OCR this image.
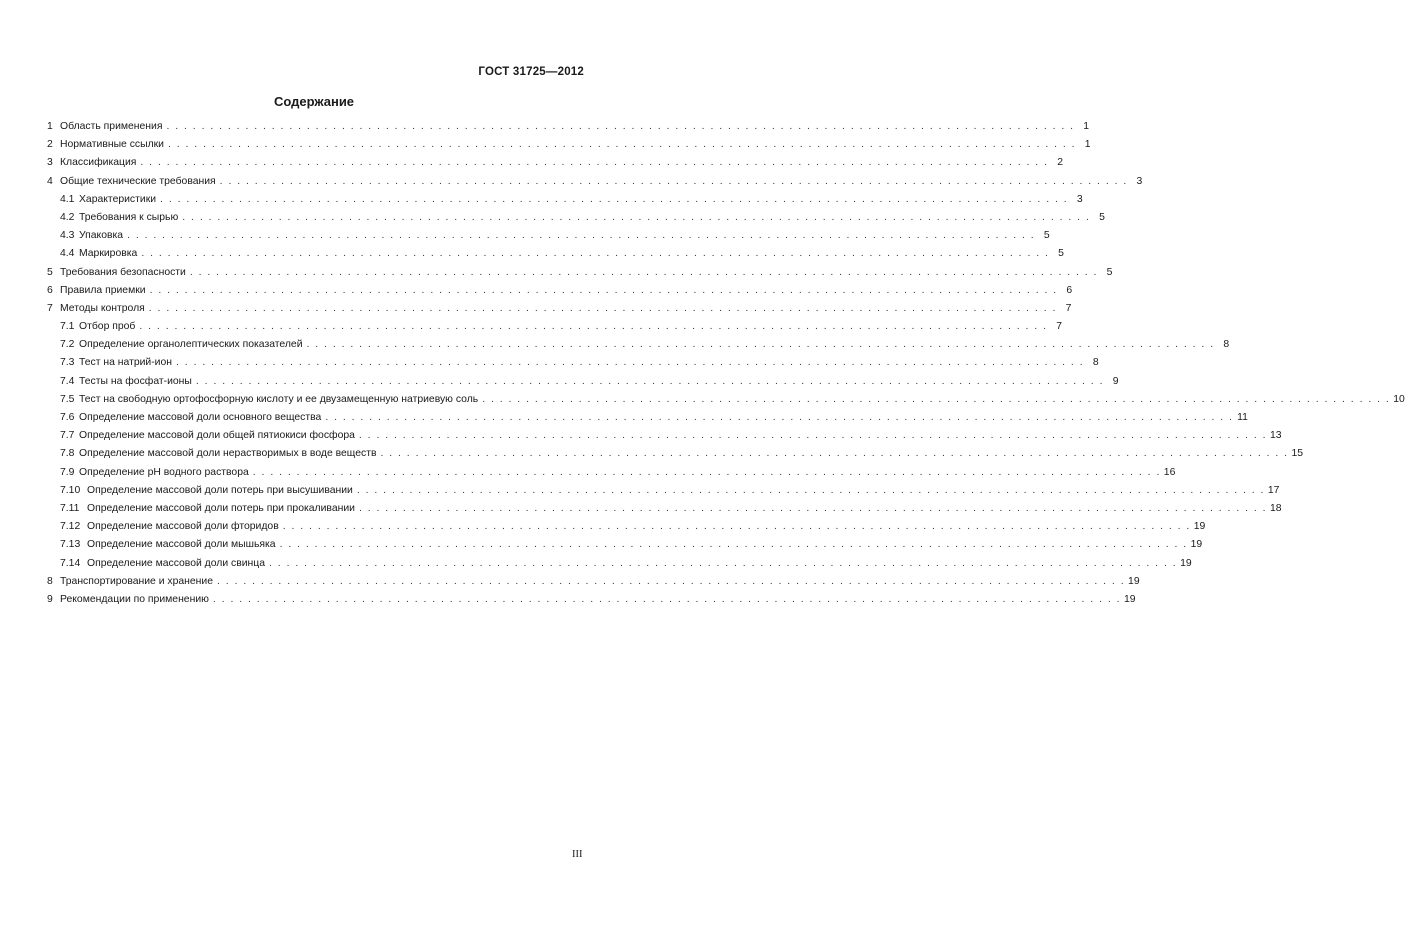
ГОСТ 31725—2012
Содержание
1 Область применения . . .	1
2 Нормативные ссылки . . .	1
3 Классификация . . .	2
4 Общие технические требования . . .	3
4.1 Характеристики . . .	3
4.2 Требования к сырью . . .	5
4.3 Упаковка . . .	5
4.4 Маркировка . . .	5
5 Требования безопасности . . .	5
6 Правила приемки . . .	6
7 Методы контроля . . .	7
7.1 Отбор проб . . .	7
7.2 Определение органолептических показателей . . .	8
7.3 Тест на натрий-ион . . .	8
7.4 Тесты на фосфат-ионы . . .	9
7.5 Тест на свободную ортофосфорную кислоту и ее двузамещенную натриевую соль . . .	10
7.6 Определение массовой доли основного вещества . . .	11
7.7 Определение массовой доли общей пятиокиси фосфора . . .	13
7.8 Определение массовой доли нерастворимых в воде веществ . . .	15
7.9 Определение рН водного раствора . . .	16
7.10 Определение массовой доли потерь при высушивании . . .	17
7.11 Определение массовой доли потерь при прокаливании . . .	18
7.12 Определение массовой доли фторидов . . .	19
7.13 Определение массовой доли мышьяка . . .	19
7.14 Определение массовой доли свинца . . .	19
8 Транспортирование и хранение . . .	19
9 Рекомендации по применению . . .	19
III
